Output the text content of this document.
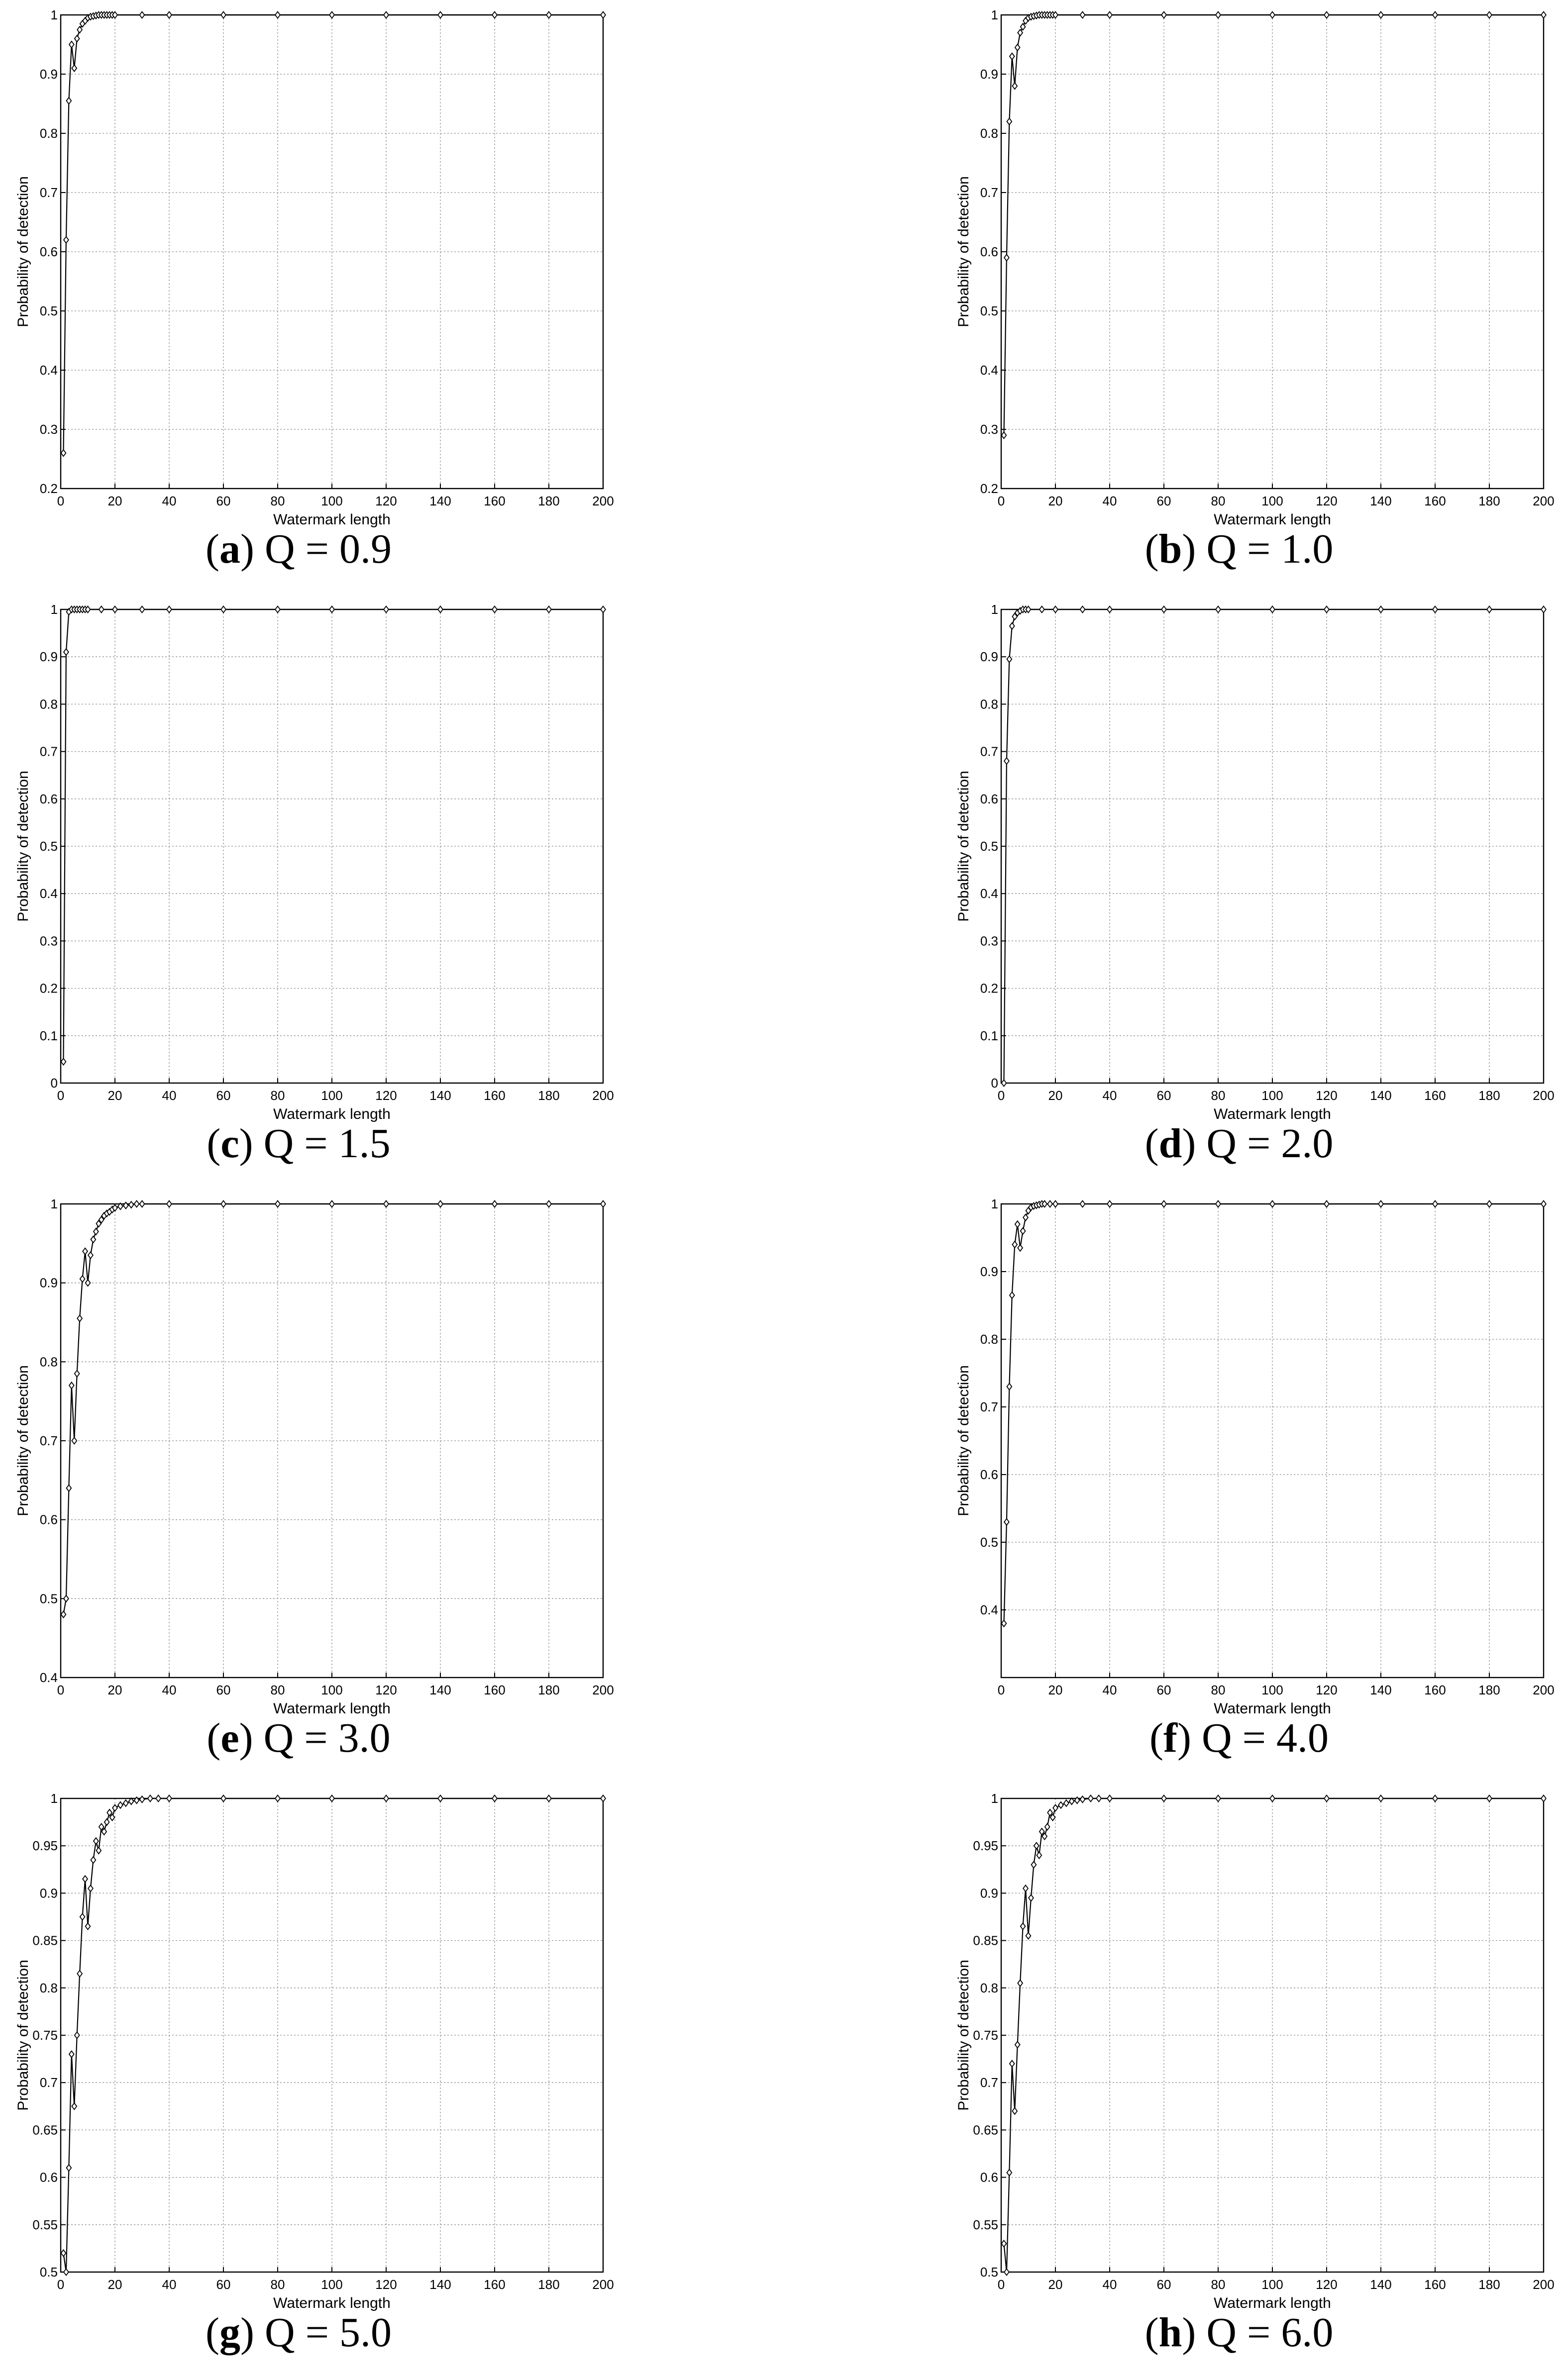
0	20	40	60	80	100	120	140	160	180	200
0.2
0.3
0.4
0.5
0.6
0.7
0.8
0.9
1
Watermark length
Probability of detection
(a) Q = 0.9
0	20	40	60	80	100	120	140	160	180	200
0.2
0.3
0.4
0.5
0.6
0.7
0.8
0.9
1
Watermark length
Probability of detection
(b) Q = 1.0
0	20	40	60	80	100	120	140	160	180	200
0
0.1
0.2
0.3
0.4
0.5
0.6
0.7
0.8
0.9
1
Watermark length
Probability of detection
(c) Q = 1.5
0	20	40	60	80	100	120	140	160	180	200
0
0.1
0.2
0.3
0.4
0.5
0.6
0.7
0.8
0.9
1
Watermark length
Probability of detection
(d) Q = 2.0
0	20	40	60	80	100	120	140	160	180	200
0.4
0.5
0.6
0.7
0.8
0.9
1
Watermark length
Probability of detection
(e) Q = 3.0
0	20	40	60	80	100	120	140	160	180	200
0.4
0.5
0.6
0.7
0.8
0.9
1
Watermark length
Probability of detection
(f) Q = 4.0
0	20	40	60	80	100	120	140	160	180	200
0.5
0.55
0.6
0.65
0.7
0.75
0.8
0.85
0.9
0.95
1
Watermark length
Probability of detection
(g) Q = 5.0
0	20	40	60	80	100	120	140	160	180	200
0.5
0.55
0.6
0.65
0.7
0.75
0.8
0.85
0.9
0.95
1
Watermark length
Probability of detection
(h) Q = 6.0
